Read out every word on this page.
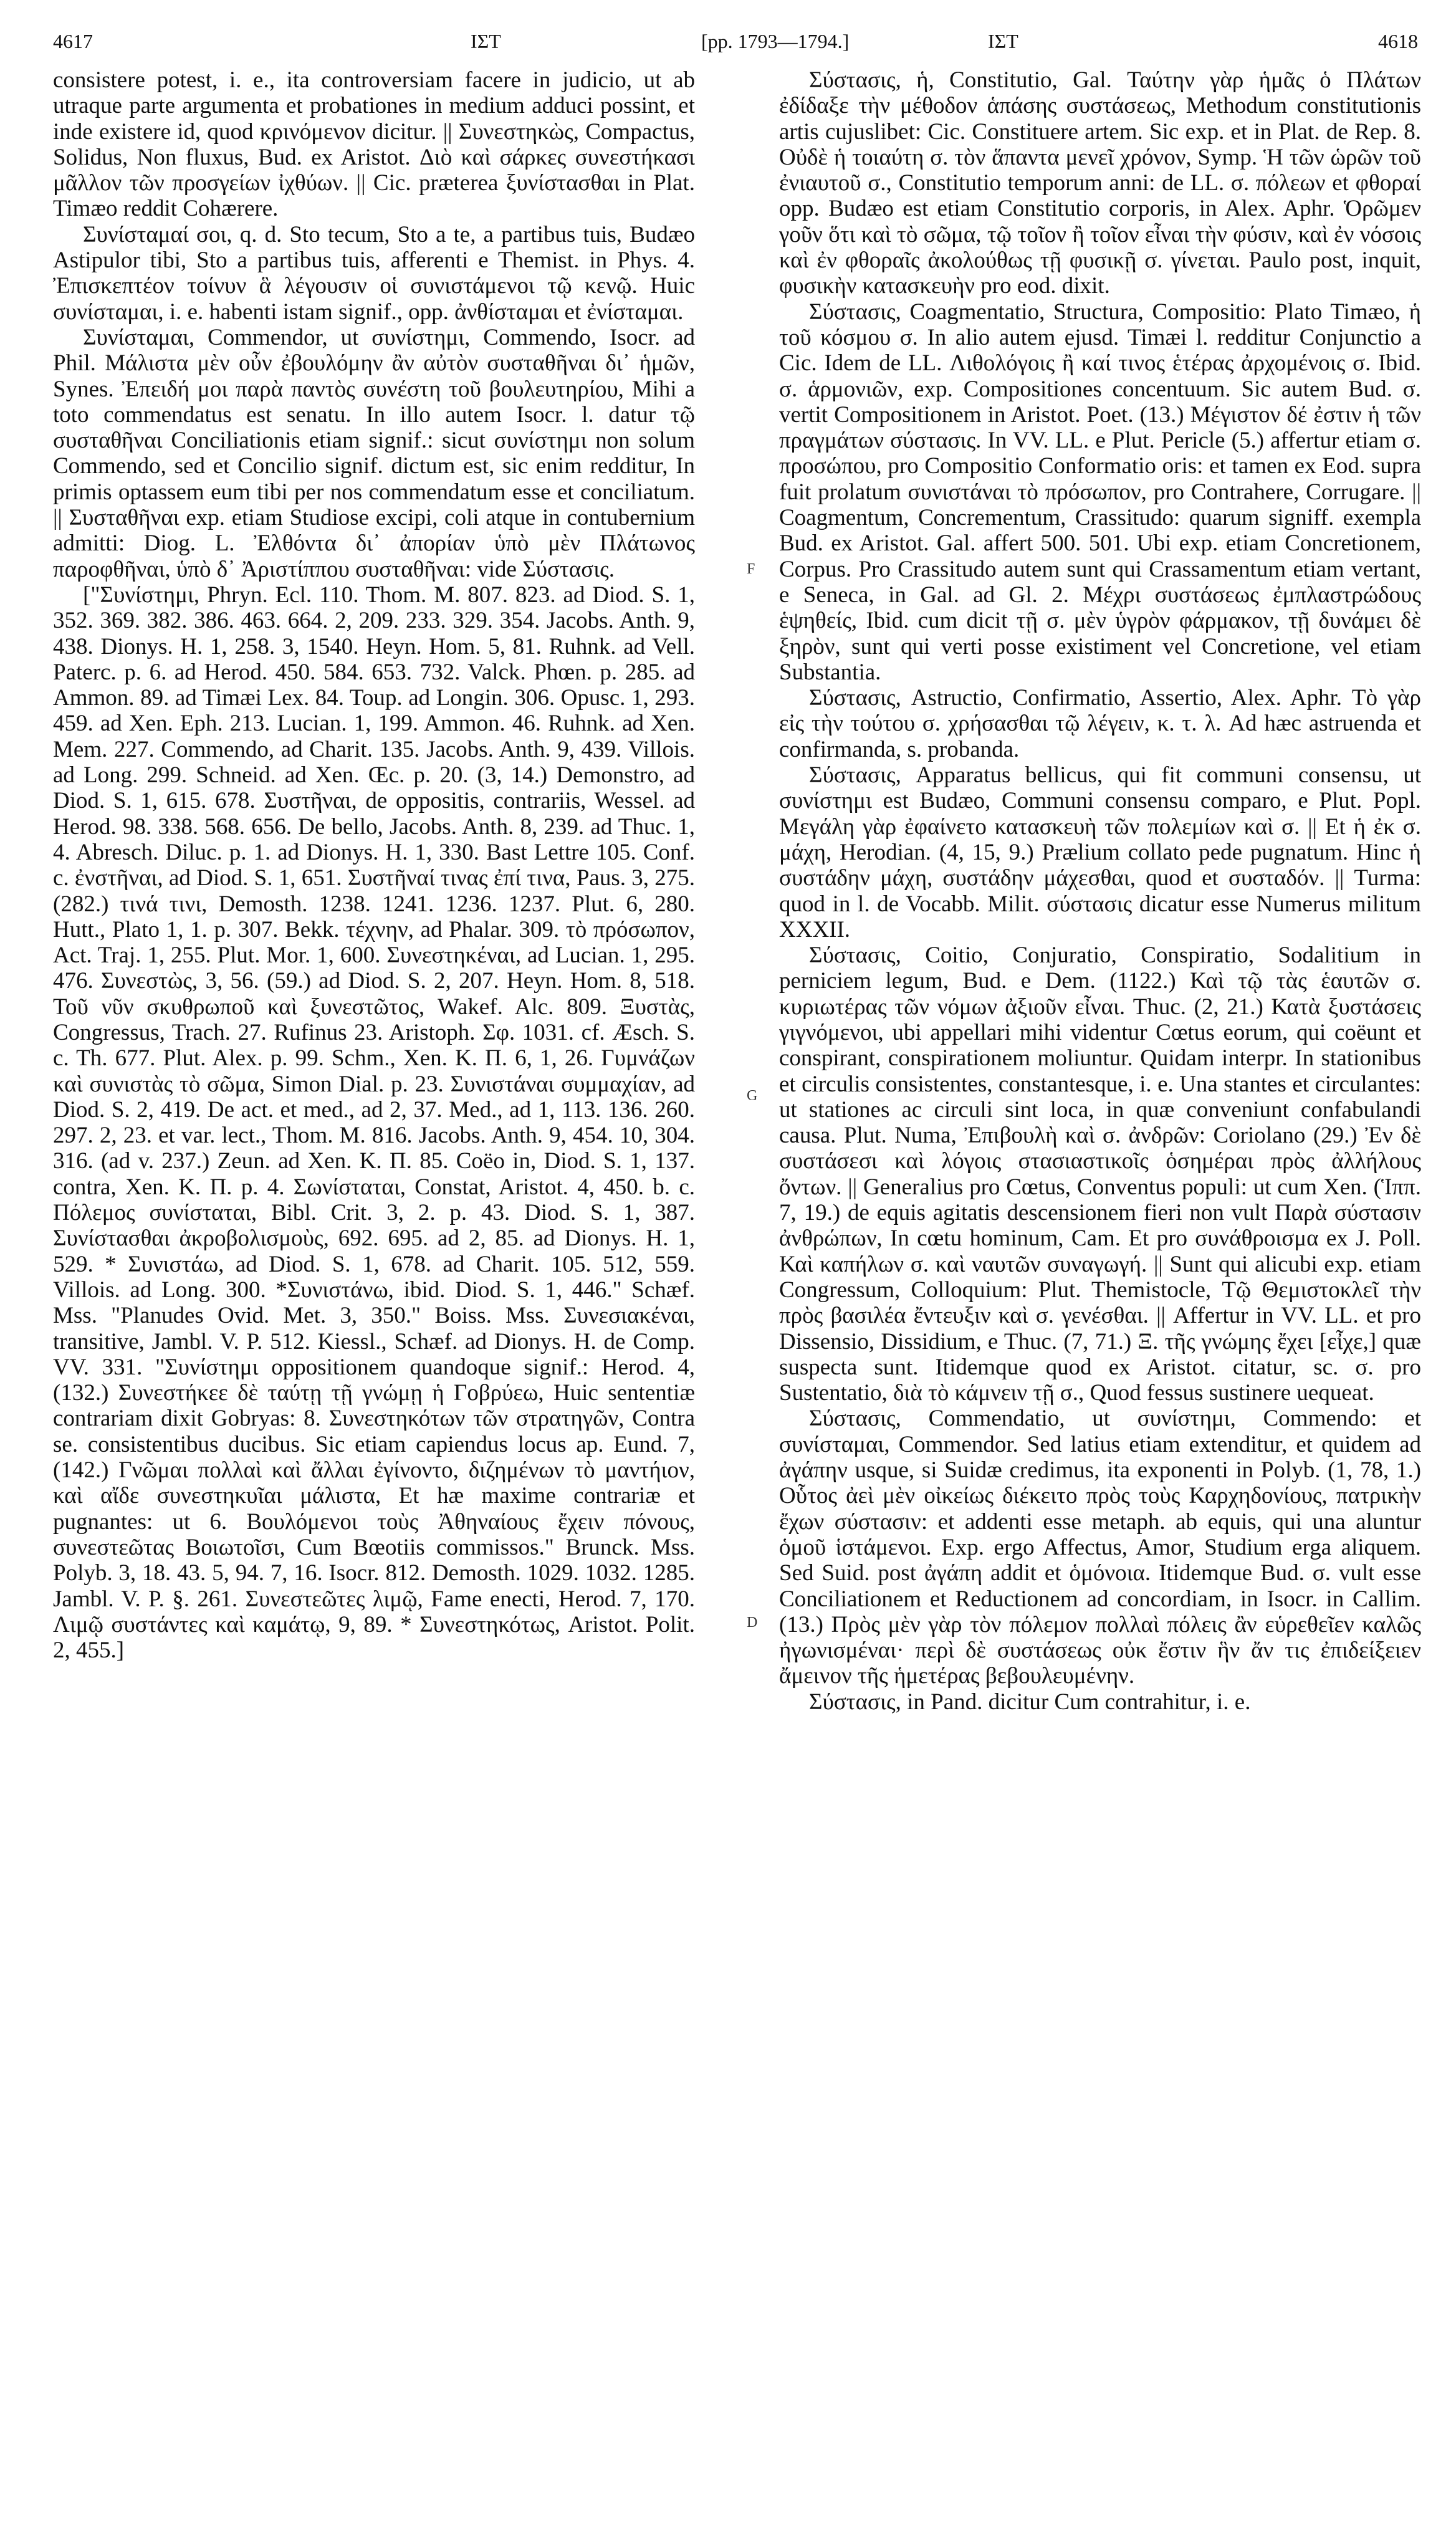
4617	ΙΣΤ	[pp. 1793—1794.]	ΙΣΤ	4618

consistere potest, i. e., ita controversiam facere in judicio, ut ab utraque parte argumenta et probationes in medium adduci possint, et inde existere id, quod κρινόμενον dicitur. || Συνεστηκὼς, Compactus, Solidus, Non fluxus, Bud. ex Aristot. Διὸ καὶ σάρκες συνεστήκασι μᾶλλον τῶν προσγείων ἰχθύων. || Cic. præterea ξυνίστασθαι in Plat. Timæo reddit Cohærere.

Συνίσταμαί σοι, q. d. Sto tecum, Sto a te, a partibus tuis, Budæo Astipulor tibi, Sto a partibus tuis, afferenti e Themist. in Phys. 4. Ἐπισκεπτέον τοίνυν ἃ λέγουσιν οἱ συνιστάμενοι τῷ κενῷ. Huic συνίσταμαι, i. e. habenti istam signif., opp. ἀνθίσταμαι et ἐνίσταμαι.

Συνίσταμαι, Commendor, ut συνίστημι, Commendo, Isocr. ad Phil. Μάλιστα μὲν οὖν ἐβουλόμην ἂν αὐτὸν συσταθῆναι δι᾽ ἡμῶν, Synes. Ἐπειδή μοι παρὰ παντὸς συνέστη τοῦ βουλευτηρίου, Mihi a toto commendatus est senatu. In illo autem Isocr. l. datur τῷ συσταθῆναι Conciliationis etiam signif.: sicut συνίστημι non solum Commendo, sed et Concilio signif. dictum est, sic enim redditur, In primis optassem eum tibi per nos commendatum esse et conciliatum. || Συσταθῆναι exp. etiam Studiose excipi, coli atque in contubernium admitti: Diog. L. Ἐλθόντα δι᾽ ἀπορίαν ὑπὸ μὲν Πλάτωνος παροφθῆναι, ὑπὸ δ᾽ Ἀριστίππου συσταθῆναι: vide Σύστασις.

["Συνίστημι, Phryn. Ecl. 110. Thom. M. 807. 823. ad Diod. S. 1, 352. 369. 382. 386. 463. 664. 2, 209. 233. 329. 354. Jacobs. Anth. 9, 438. Dionys. H. 1, 258. 3, 1540. Heyn. Hom. 5, 81. Ruhnk. ad Vell. Paterc. p. 6. ad Herod. 450. 584. 653. 732. Valck. Phœn. p. 285. ad Ammon. 89. ad Timæi Lex. 84. Toup. ad Longin. 306. Opusc. 1, 293. 459. ad Xen. Eph. 213. Lucian. 1, 199. Ammon. 46. Ruhnk. ad Xen. Mem. 227. Commendo, ad Charit. 135. Jacobs. Anth. 9, 439. Villois. ad Long. 299. Schneid. ad Xen. Œc. p. 20. (3, 14.) Demonstro, ad Diod. S. 1, 615. 678. Συστῆναι, de oppositis, contrariis, Wessel. ad Herod. 98. 338. 568. 656. De bello, Jacobs. Anth. 8, 239. ad Thuc. 1, 4. Abresch. Diluc. p. 1. ad Dionys. H. 1, 330. Bast Lettre 105. Conf. c. ἐνστῆναι, ad Diod. S. 1, 651. Συστῆναί τινας ἐπί τινα, Paus. 3, 275. (282.) τινά τινι, Demosth. 1238. 1241. 1236. 1237. Plut. 6, 280. Hutt., Plato 1, 1. p. 307. Bekk. τέχνην, ad Phalar. 309. τὸ πρόσωπον, Act. Traj. 1, 255. Plut. Mor. 1, 600. Συνεστηκέναι, ad Lucian. 1, 295. 476. Συνεστὼς, 3, 56. (59.) ad Diod. S. 2, 207. Heyn. Hom. 8, 518. Τοῦ νῦν σκυθρωποῦ καὶ ξυνεστῶτος, Wakef. Alc. 809. Ξυστὰς, Congressus, Trach. 27. Rufinus 23. Aristoph. Σφ. 1031. cf. Æsch. S. c. Th. 677. Plut. Alex. p. 99. Schm., Xen. K. Π. 6, 1, 26. Γυμνάζων καὶ συνιστὰς τὸ σῶμα, Simon Dial. p. 23. Συνιστάναι συμμαχίαν, ad Diod. S. 2, 419. De act. et med., ad 2, 37. Med., ad 1, 113. 136. 260. 297. 2, 23. et var. lect., Thom. M. 816. Jacobs. Anth. 9, 454. 10, 304. 316. (ad v. 237.) Zeun. ad Xen. K. Π. 85. Coëo in, Diod. S. 1, 137. contra, Xen. K. Π. p. 4. Σωνίσταται, Constat, Aristot. 4, 450. b. c. Πόλεμος συνίσταται, Bibl. Crit. 3, 2. p. 43. Diod. S. 1, 387. Συνίστασθαι ἀκροβολισμοὺς, 692. 695. ad 2, 85. ad Dionys. H. 1, 529. * Συνιστάω, ad Diod. S. 1, 678. ad Charit. 105. 512, 559. Villois. ad Long. 300. *Συνιστάνω, ibid. Diod. S. 1, 446." Schæf. Mss. "Planudes Ovid. Met. 3, 350." Boiss. Mss. Συνεσιακέναι, transitive, Jambl. V. P. 512. Kiessl., Schæf. ad Dionys. H. de Comp. VV. 331. "Συνίστημι oppositionem quandoque signif.: Herod. 4, (132.) Συνεστήκεε δὲ ταύτῃ τῇ γνώμῃ ἡ Γοβρύεω, Huic sententiæ contrariam dixit Gobryas: 8. Συνεστηκότων τῶν στρατηγῶν, Contra se. consistentibus ducibus. Sic etiam capiendus locus ap. Eund. 7, (142.) Γνῶμαι πολλαὶ καὶ ἄλλαι ἐγίνοντο, διζημένων τὸ μαντήιον, καὶ αἴδε συνεστηκυῖαι μάλιστα, Et hæ maxime contrariæ et pugnantes: ut 6. Βουλόμενοι τοὺς Ἀθηναίους ἔχειν πόνους, συνεστεῶτας Βοιωτοῖσι, Cum Bœotiis commissos." Brunck. Mss. Polyb. 3, 18. 43. 5, 94. 7, 16. Isocr. 812. Demosth. 1029. 1032. 1285. Jambl. V. P. §. 261. Συνεστεῶτες λιμῷ, Fame enecti, Herod. 7, 170. Λιμῷ συστάντες καὶ καμάτῳ, 9, 89. * Συνεστηκότως, Aristot. Polit. 2, 455.]

F
G
D

Σύστασις, ἡ, Constitutio, Gal. Ταύτην γὰρ ἡμᾶς ὁ Πλάτων ἐδίδαξε τὴν μέθοδον ἁπάσης συστάσεως, Methodum constitutionis artis cujuslibet: Cic. Constituere artem. Sic exp. et in Plat. de Rep. 8. Οὐδὲ ἡ τοιαύτη σ. τὸν ἅπαντα μενεῖ χρόνον, Symp. Ἡ τῶν ὡρῶν τοῦ ἐνιαυτοῦ σ., Constitutio temporum anni: de LL. σ. πόλεων et φθοραί opp. Budæo est etiam Constitutio corporis, in Alex. Aphr. Ὁρῶμεν γοῦν ὅτι καὶ τὸ σῶμα, τῷ τοῖον ἢ τοῖον εἶναι τὴν φύσιν, καὶ ἐν νόσοις καὶ ἐν φθοραῖς ἀκολούθως τῇ φυσικῇ σ. γίνεται. Paulo post, inquit, φυσικὴν κατασκευὴν pro eod. dixit.

Σύστασις, Coagmentatio, Structura, Compositio: Plato Timæo, ἡ τοῦ κόσμου σ. In alio autem ejusd. Timæi l. redditur Conjunctio a Cic. Idem de LL. Λιθολόγοις ἢ καί τινος ἑτέρας ἀρχομένοις σ. Ibid. σ. ἁρμονιῶν, exp. Compositiones concentuum. Sic autem Bud. σ. vertit Compositionem in Aristot. Poet. (13.) Μέγιστον δέ ἐστιν ἡ τῶν πραγμάτων σύστασις. In VV. LL. e Plut. Pericle (5.) affertur etiam σ. προσώπου, pro Compositio Conformatio oris: et tamen ex Eod. supra fuit prolatum συνιστάναι τὸ πρόσωπον, pro Contrahere, Corrugare. || Coagmentum, Concrementum, Crassitudo: quarum signiff. exempla Bud. ex Aristot. Gal. affert 500. 501. Ubi exp. etiam Concretionem, Corpus. Pro Crassitudo autem sunt qui Crassamentum etiam vertant, e Seneca, in Gal. ad Gl. 2. Μέχρι συστάσεως ἐμπλαστρώδους ἑψηθείς, Ibid. cum dicit τῇ σ. μὲν ὑγρὸν φάρμακον, τῇ δυνάμει δὲ ξηρὸν, sunt qui verti posse existiment vel Concretione, vel etiam Substantia.

Σύστασις, Astructio, Confirmatio, Assertio, Alex. Aphr. Τὸ γὰρ εἰς τὴν τούτου σ. χρήσασθαι τῷ λέγειν, κ. τ. λ. Ad hæc astruenda et confirmanda, s. probanda.

Σύστασις, Apparatus bellicus, qui fit communi consensu, ut συνίστημι est Budæo, Communi consensu comparo, e Plut. Popl. Μεγάλη γὰρ ἐφαίνετο κατασκευὴ τῶν πολεμίων καὶ σ. || Et ἡ ἐκ σ. μάχη, Herodian. (4, 15, 9.) Prælium collato pede pugnatum. Hinc ἡ συστάδην μάχη, συστάδην μάχεσθαι, quod et συσταδόν. || Turma: quod in l. de Vocabb. Milit. σύστασις dicatur esse Numerus militum XXXII.

Σύστασις, Coitio, Conjuratio, Conspiratio, Sodalitium in perniciem legum, Bud. e Dem. (1122.) Καὶ τῷ τὰς ἑαυτῶν σ. κυριωτέρας τῶν νόμων ἀξιοῦν εἶναι. Thuc. (2, 21.) Κατὰ ξυστάσεις γιγνόμενοι, ubi appellari mihi videntur Cœtus eorum, qui coëunt et conspirant, conspirationem moliuntur. Quidam interpr. In stationibus et circulis consistentes, constantesque, i. e. Una stantes et circulantes: ut stationes ac circuli sint loca, in quæ conveniunt confabulandi causa. Plut. Numa, Ἐπιβουλὴ καὶ σ. ἀνδρῶν: Coriolano (29.) Ἐν δὲ συστάσεσι καὶ λόγοις στασιαστικοῖς ὁσημέραι πρὸς ἀλλήλους ὄντων. || Generalius pro Cœtus, Conventus populi: ut cum Xen. (Ἱππ. 7, 19.) de equis agitatis descensionem fieri non vult Παρὰ σύστασιν ἀνθρώπων, In cœtu hominum, Cam. Et pro συνάθροισμα ex J. Poll. Καὶ καπήλων σ. καὶ ναυτῶν συναγωγή. || Sunt qui alicubi exp. etiam Congressum, Colloquium: Plut. Themistocle, Τῷ Θεμιστοκλεῖ τὴν πρὸς βασιλέα ἔντευξιν καὶ σ. γενέσθαι. || Affertur in VV. LL. et pro Dissensio, Dissidium, e Thuc. (7, 71.) Ξ. τῆς γνώμης ἔχει [εἶχε,] quæ suspecta sunt. Itidemque quod ex Aristot. citatur, sc. σ. pro Sustentatio, διὰ τὸ κάμνειν τῇ σ., Quod fessus sustinere uequeat.

Σύστασις, Commendatio, ut συνίστημι, Commendo: et συνίσταμαι, Commendor. Sed latius etiam extenditur, et quidem ad ἀγάπην usque, si Suidæ credimus, ita exponenti in Polyb. (1, 78, 1.) Οὗτος ἀεὶ μὲν οἰκείως διέκειτο πρὸς τοὺς Καρχηδονίους, πατρικὴν ἔχων σύστασιν: et addenti esse metaph. ab equis, qui una aluntur ὁμοῦ ἱστάμενοι. Exp. ergo Affectus, Amor, Studium erga aliquem. Sed Suid. post ἀγάπη addit et ὁμόνοια. Itidemque Bud. σ. vult esse Conciliationem et Reductionem ad concordiam, in Isocr. in Callim. (13.) Πρὸς μὲν γὰρ τὸν πόλεμον πολλαὶ πόλεις ἂν εὑρεθεῖεν καλῶς ἠγωνισμέναι· περὶ δὲ συστάσεως οὐκ ἔστιν ἣν ἄν τις ἐπιδείξειεν ἄμεινον τῆς ἡμετέρας βεβουλευμένην.

Σύστασις, in Pand. dicitur Cum contrahitur, i. e.
